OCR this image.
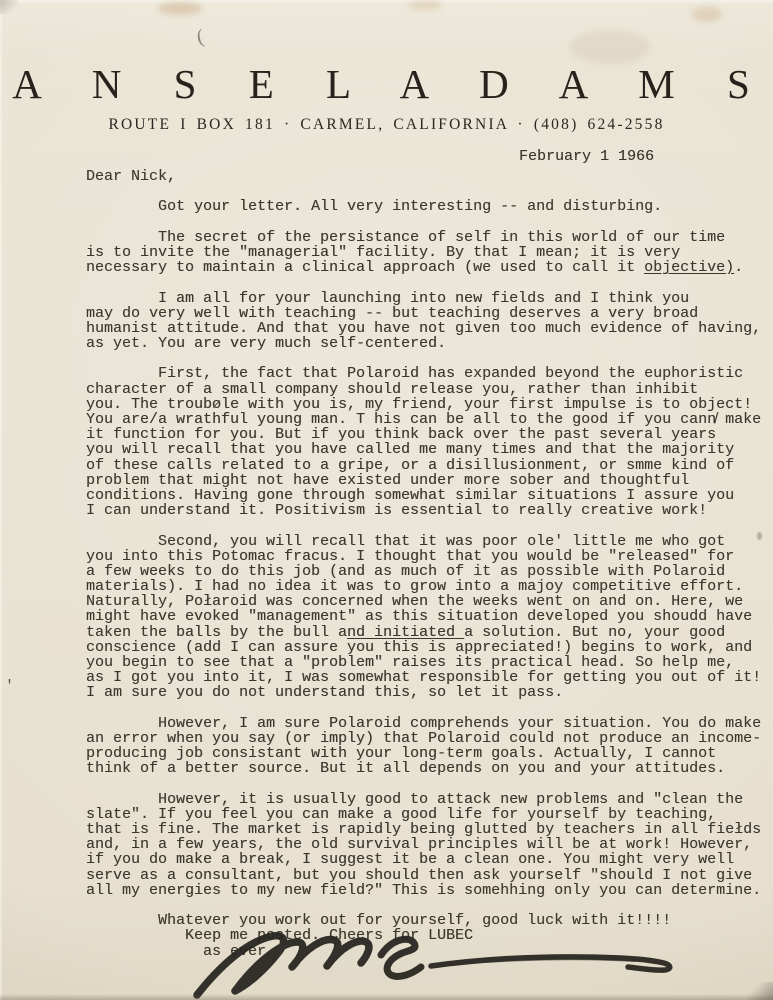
(
'
A N S E L A D A M S
ROUTE I BOX 181 · CARMEL, CALIFORNIA · (408) 624-2558
February 1 1966
Dear Nick,

Got your letter. All very interesting -- and disturbing.

The secret of the persistance of self in this world of our time
is to invite the "managerial" facility. By that I mean; it is very
necessary to maintain a clinical approach (we used to call it objective).

I am all for your launching into new fields and I think you
may do very well with teaching -- but teaching deserves a very broad
humanist attitude. And that you have not given too much evidence of having,
as yet. You are very much self-centered.

First, the fact that Polaroid has expanded beyond the euphoristic
character of a small company should release you, rather than inhibit
you. The troubøle with you is, my friend, your first impulse is to object!
You are/a wrathful young man. T his can be all to the good if you cann̸ make
it function for you. But if you think back over the past several years
you will recall that you have called me many times and that the majority
of these calls related to a gripe, or a disillusionment, or smme kind of
problem that might not have existed under more sober and thoughtful
conditions. Having gone through somewhat similar situations I assure you
I can understand it. Positivism is essential to really creative work!

Second, you will recall that it was poor ole' little me who got
you into this Potomac fracus. I thought that you would be "released" for
a few weeks to do this job (and as much of it as possible with Polaroid
materials). I had no idea it was to grow into a majoy competitive effort.
Naturally, Połaroid was concerned when the weeks went on and on. Here, we
might have evoked "management" as this situation developed you shoudd have
taken the balls by the bull and initiated a solution. But no, your good
conscience (add I can assure you this is appreciated!) begins to work, and
you begin to see that a "problem" raises its practical head. So help me,
as I got you into it, I was somewhat responsible for getting you out of it!
I am sure you do not understand this, so let it pass.

However, I am sure Polaroid comprehends your situation. You do make
an error when you say (or imply) that Polaroid could not produce an income-
producing job consistant with your long-term goals. Actually, I cannot
think of a better source. But it all depends on you and your attitudes.

However, it is usually good to attack new problems and "clean the
slate". If you feel you can make a good life for yourself by teaching,
that is fine. The market is rapidly being glutted by teachers in all fiełds
and, in a few years, the old survival principles will be at work! However,
if you do make a break, I suggest it be a clean one. You might very well
serve as a consultant, but you should then ask yourself "should I not give
all my energies to my new field?" This is somehhing only you can determine.

Whatever you work out for yourself, good luck with it!!!!
Keep me posted. Cheers for LUBEC
as ever
